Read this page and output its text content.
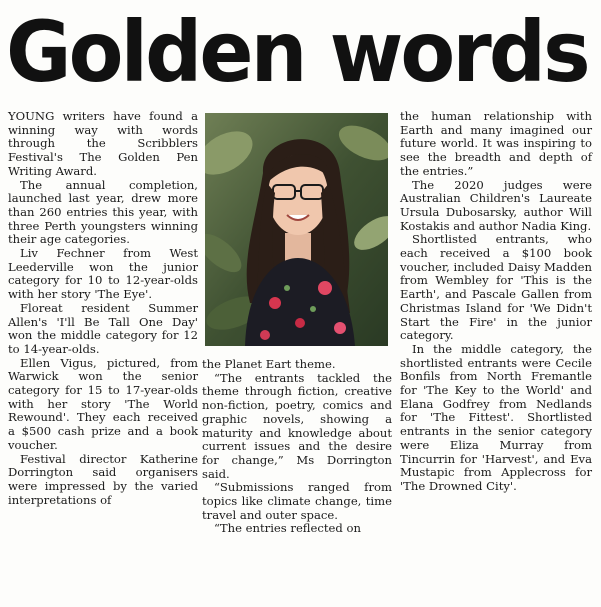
Golden words

YOUNG writers have found a winning way with words through the Scribblers Festival's The Golden Pen Writing Award.

The annual completion, launched last year, drew more than 260 entries this year, with three Perth youngsters winning their age categories.

Liv Fechner from West Leederville won the junior category for 10 to 12-year-olds with her story 'The Eye'.

Floreat resident Summer Allen's 'I'll Be Tall One Day' won the middle category for 12 to 14-year-olds.

Ellen Vigus, pictured, from Warwick won the senior category for 15 to 17-year-olds with her story 'The World Rewound'. They each received a $500 cash prize and a book voucher.

Festival director Katherine Dorrington said organisers were impressed by the varied interpretations of

the Planet Eart theme.

“The entrants tackled the theme through fiction, creative non-fiction, poetry, comics and graphic novels, showing a maturity and knowledge about current issues and the desire for change,” Ms Dorrington said.

“Submissions ranged from topics like climate change, time travel and outer space.

“The entries reflected on

the human relationship with Earth and many imagined our future world. It was inspiring to see the breadth and depth of the entries.”

The 2020 judges were Australian Children's Laureate Ursula Dubosarsky, author Will Kostakis and author Nadia King.

Shortlisted entrants, who each received a $100 book voucher, included Daisy Madden from Wembley for 'This is the Earth', and Pascale Gallen from Christmas Island for 'We Didn't Start the Fire' in the junior category.

In the middle category, the shortlisted entrants were Cecile Bonfils from North Fremantle for 'The Key to the World' and Elana Godfrey from Nedlands for 'The Fittest'. Shortlisted entrants in the senior category were Eliza Murray from Tincurrin for 'Harvest', and Eva Mustapic from Applecross for 'The Drowned City'.
